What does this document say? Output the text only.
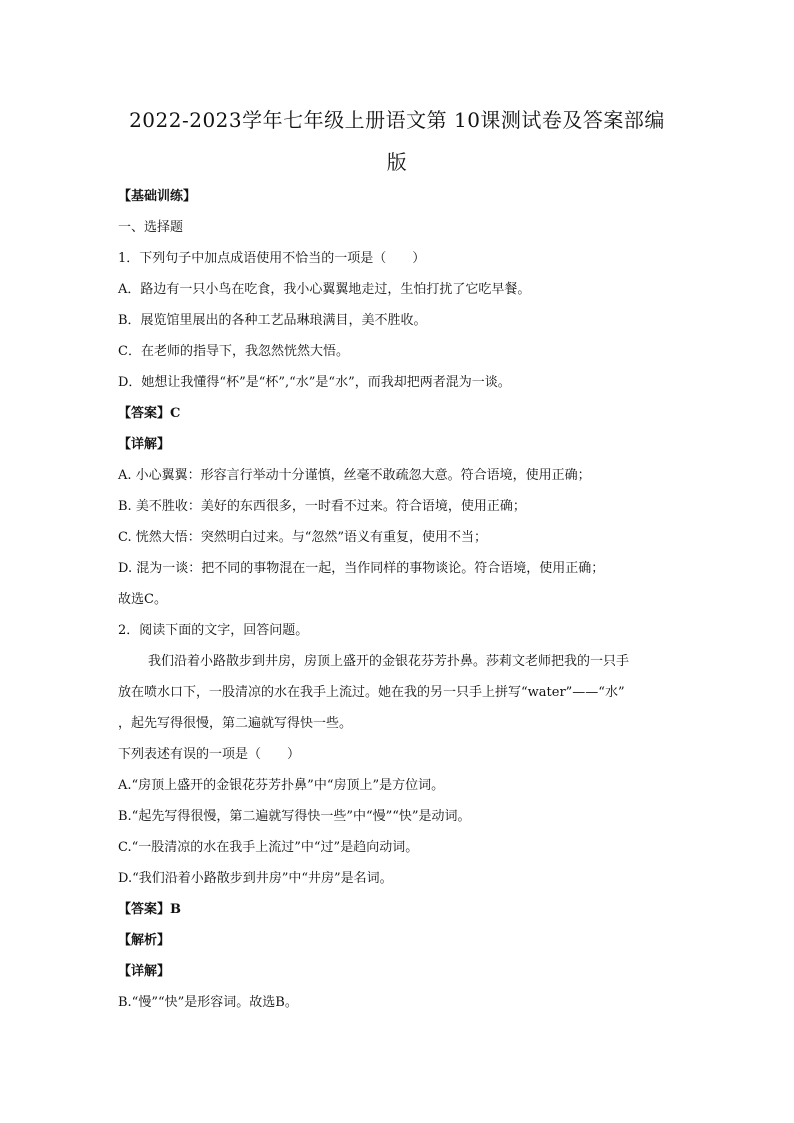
2022-2023学年七年级上册语文第 10课测试卷及答案部编
版
【基础训练】
一、选择题
1．下列句子中加点成语使用不恰当的一项是（　　）
A．路边有一只小鸟在吃食，我小心翼翼地走过，生怕打扰了它吃早餐。
B．展览馆里展出的各种工艺品琳琅满目，美不胜收。
C．在老师的指导下，我忽然恍然大悟。
D．她想让我懂得“杯”是“杯”,“水”是“水”，而我却把两者混为一谈。
【答案】C
【详解】
A. 小心翼翼：形容言行举动十分谨慎，丝毫不敢疏忽大意。符合语境，使用正确；
B. 美不胜收：美好的东西很多，一时看不过来。符合语境，使用正确；
C. 恍然大悟：突然明白过来。与“忽然”语义有重复，使用不当；
D. 混为一谈：把不同的事物混在一起，当作同样的事物谈论。符合语境，使用正确；
故选C。
2．阅读下面的文字，回答问题。
我们沿着小路散步到井房，房顶上盛开的金银花芬芳扑鼻。莎莉文老师把我的一只手
放在喷水口下，一股清凉的水在我手上流过。她在我的另一只手上拼写“water”——“水”
，起先写得很慢，第二遍就写得快一些。
下列表述有误的一项是（　　）
A.“房顶上盛开的金银花芬芳扑鼻”中“房顶上”是方位词。
B.“起先写得很慢，第二遍就写得快一些”中“慢”“快”是动词。
C.“一股清凉的水在我手上流过”中“过”是趋向动词。
D.“我们沿着小路散步到井房”中“井房”是名词。
【答案】B
【解析】
【详解】
B.“慢”“快”是形容词。故选B。
